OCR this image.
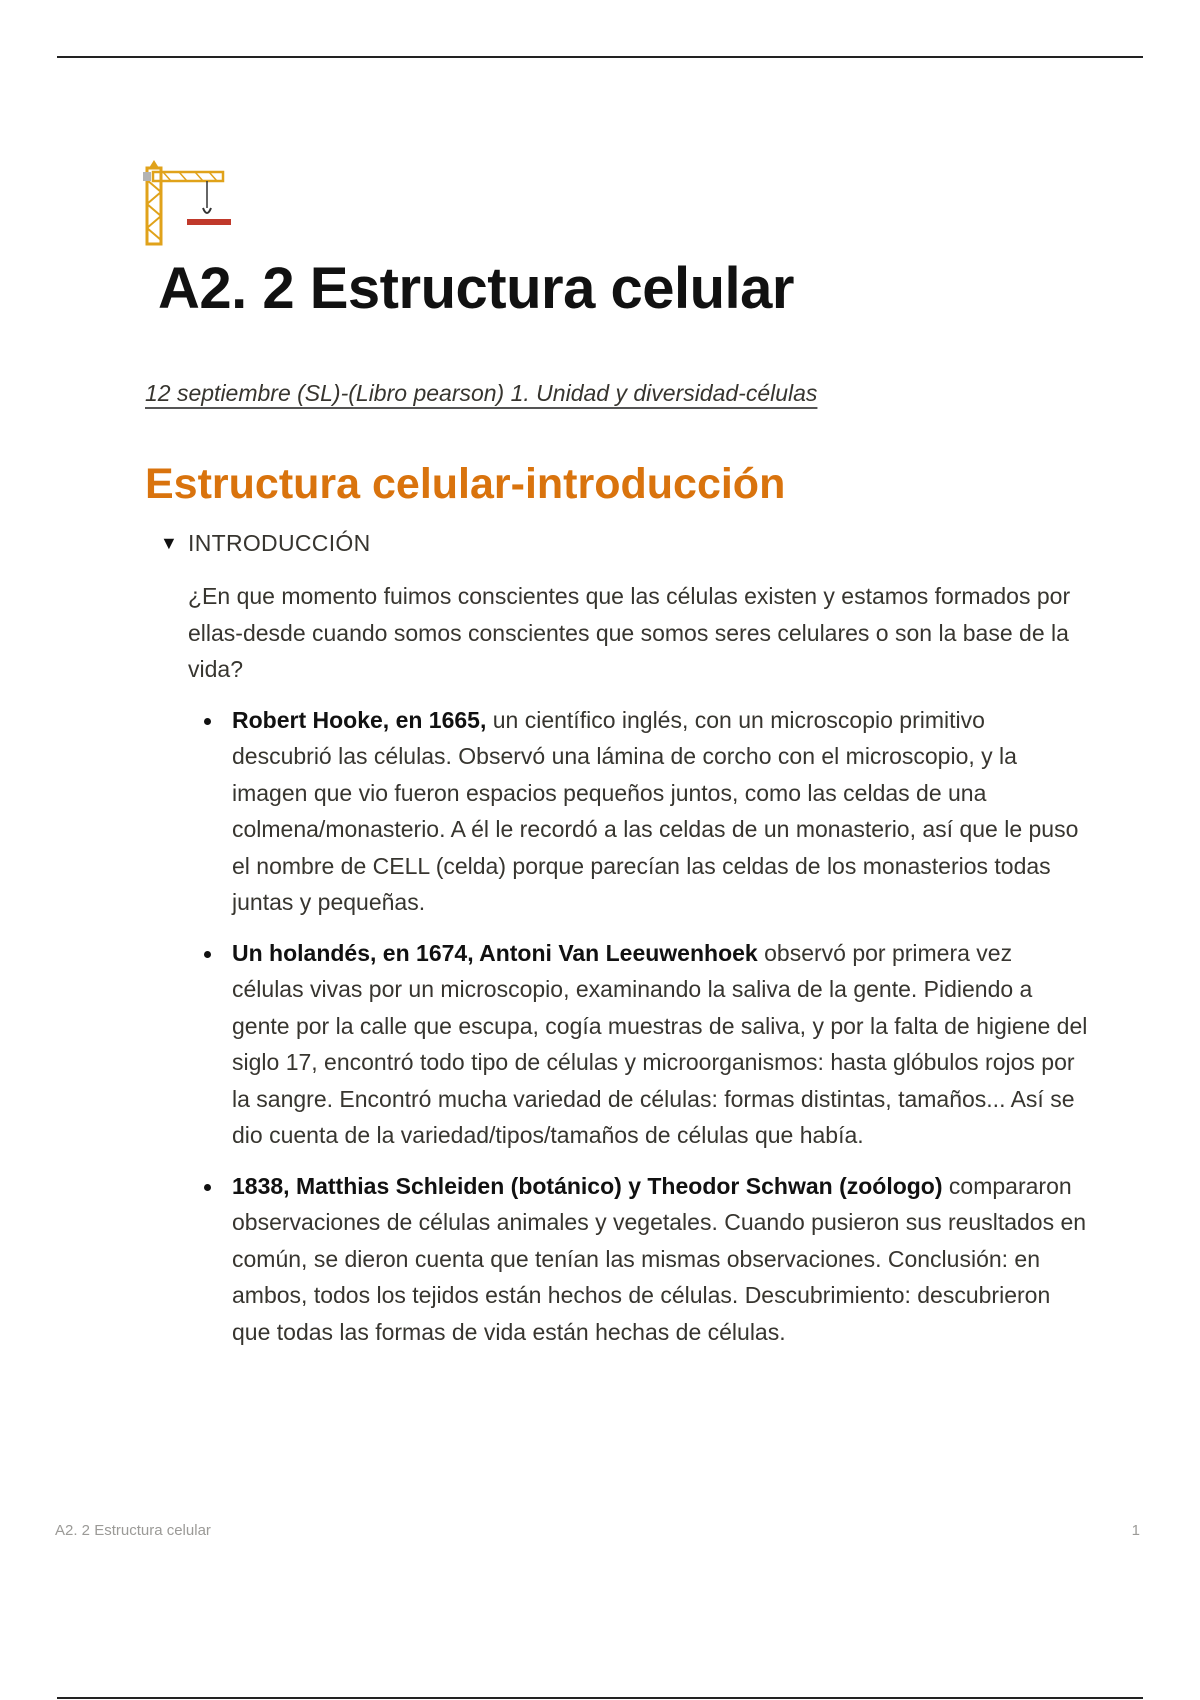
A2. 2 Estructura celular
12 septiembre (SL)-(Libro pearson) 1. Unidad y diversidad-células
Estructura celular-introducción
▼ INTRODUCCIÓN

¿En que momento fuimos conscientes que las células existen y estamos formados por ellas-desde cuando somos conscientes que somos seres celulares o son la base de la vida?

Robert Hooke, en 1665, un científico inglés, con un microscopio primitivo descubrió las células. Observó una lámina de corcho con el microscopio, y la imagen que vio fueron espacios pequeños juntos, como las celdas de una colmena/monasterio. A él le recordó a las celdas de un monasterio, así que le puso el nombre de CELL (celda) porque parecían las celdas de los monasterios todas juntas y pequeñas.
Un holandés, en 1674, Antoni Van Leeuwenhoek observó por primera vez células vivas por un microscopio, examinando la saliva de la gente. Pidiendo a gente por la calle que escupa, cogía muestras de saliva, y por la falta de higiene del siglo 17, encontró todo tipo de células y microorganismos: hasta glóbulos rojos por la sangre. Encontró mucha variedad de células: formas distintas, tamaños... Así se dio cuenta de la variedad/tipos/tamaños de células que había.
1838, Matthias Schleiden (botánico) y Theodor Schwan (zoólogo) compararon observaciones de células animales y vegetales. Cuando pusieron sus reusltados en común, se dieron cuenta que tenían las mismas observaciones. Conclusión: en ambos, todos los tejidos están hechos de células. Descubrimiento: descubrieron que todas las formas de vida están hechas de células.
A2. 2 Estructura celular	1
